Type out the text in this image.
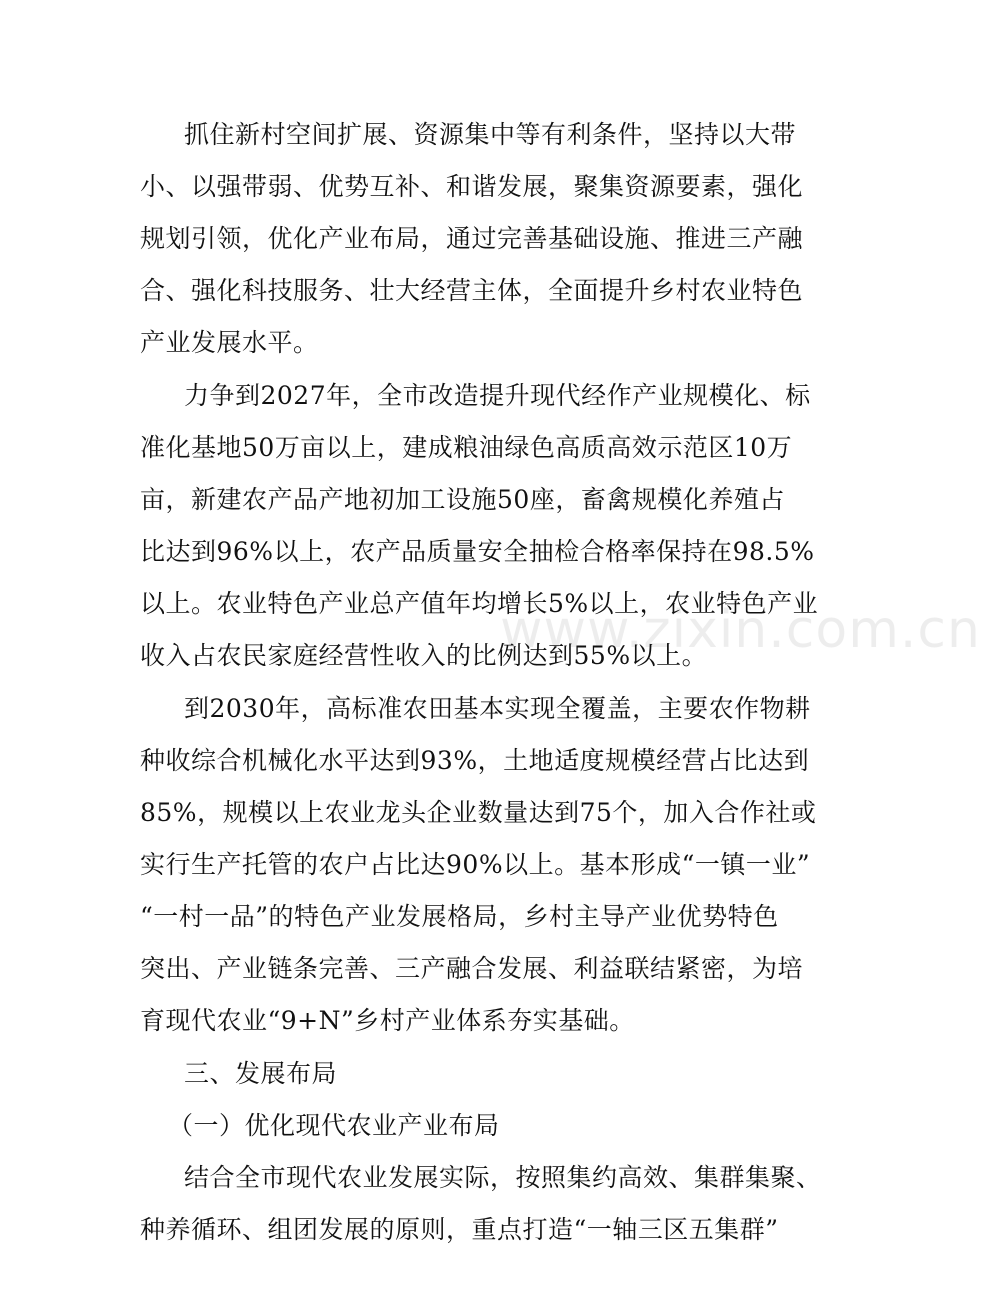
www.zixin.com.cn
抓住新村空间扩展、资源集中等有利条件，坚持以大带
小、以强带弱、优势互补、和谐发展，聚集资源要素，强化
规划引领，优化产业布局，通过完善基础设施、推进三产融
合、强化科技服务、壮大经营主体，全面提升乡村农业特色
产业发展水平。
力争到2027年，全市改造提升现代经作产业规模化、标
准化基地50万亩以上，建成粮油绿色高质高效示范区10万
亩，新建农产品产地初加工设施50座，畜禽规模化养殖占
比达到96%以上，农产品质量安全抽检合格率保持在98.5%
以上。农业特色产业总产值年均增长5%以上，农业特色产业
收入占农民家庭经营性收入的比例达到55%以上。
到2030年，高标准农田基本实现全覆盖，主要农作物耕
种收综合机械化水平达到93%，土地适度规模经营占比达到
85%，规模以上农业龙头企业数量达到75个，加入合作社或
实行生产托管的农户占比达90%以上。基本形成“一镇一业”
“一村一品”的特色产业发展格局，乡村主导产业优势特色
突出、产业链条完善、三产融合发展、利益联结紧密，为培
育现代农业“9+N”乡村产业体系夯实基础。
三、发展布局
（一）优化现代农业产业布局
结合全市现代农业发展实际，按照集约高效、集群集聚、
种养循环、组团发展的原则，重点打造“一轴三区五集群”
